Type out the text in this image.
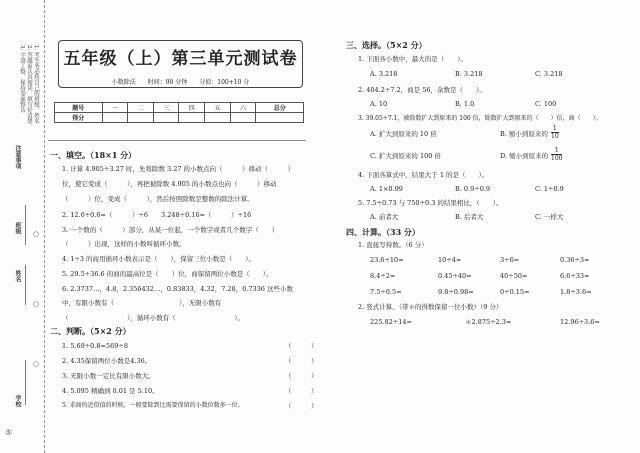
1. 考生务必将自己的班级、姓名
2. 答题前认真阅读、填写好清楚
3. 字迹工整，保持卷面整洁
注意事项
班级 ○
姓名
○
学校
○
⑤
五年级（上）第三单元测试卷
小数除法　　时间：90 分钟　　分值：100+10 分
题号	一	二	三	四	五	六	总分
得分							
一、填空。（18×1 分）
1. 计算 4.905÷3.27 时，先将除数 3.27 的小数点向（　　　）移动（　　　）
位，使它变成（　　　），再把被除数 4.905 的小数点也向（　　　）移动
（　　　）位，变成（　　　），然后按照除数是整数的除法计算。
2. 12.6÷0.6=（　　　）÷6　　3.248÷0.16=（　　　）÷16
3. 一个数的（　　　）部分，从某一位起，一个数字或者几个数字（　　）
（　　　）出现，这样的小数叫循环小数。
4. 1÷3 的商用循环小数表示是（　　），保留三位小数是（　　）。
5. 29.5÷36.6 的商的最高位是（　　）位，商保留两位小数是（　　）。
6. 2.3737…，4.8，2.356432…，0.83833，4.32，7.28，0.7336 这些小数
中，有限小数有（　　　　　　　　　　），无限小数有
（　　　　　　　　　），循环小数有（　　　　　　　　　）。
二、判断。（5×2 分）
1. 5.69÷0.8=569÷8	（　　　）
2. 4.35保留两位小数是4.36。	（　　　）
3. 无限小数一定比有限小数大。	（　　　）
4. 5.095 精确到 0.01 是 5.10。	（　　　）
5. 求商的近似值的时候，一般要除到比需要保留的小数位数多一位。	（　　　）
三、选择。（5×2 分）
1. 下面各小数中，最大的是（　　）。
A. 3.218	B. 3.218	C. 3.218
2. 404.2÷7.2，商是 56，余数是（　　）。
A. 10	B. 1.0	C. 100
3. 39.05÷7.1，被除数扩大到原来的 100 倍，除数扩大到原来的（　　）倍，商（　　）。
A. 扩大到原来的 10 倍	B. 缩小到原来的 $\frac{1}{10}$
C. 扩大到原来的 100 倍	D. 缩小到原来的 $\frac{1}{100}$
4. 下面各算式中，结果大于 1 的是（　　）。
A. 1×0.99	B. 0.9÷0.9	C. 1÷0.9
5. 7.5÷0.73 与 750÷0.3 的结果相比，（　　）。
A. 前者大	B. 后者大	C. 一样大
四、计算。（33 分）
1. 直接写得数。（6 分）
23.6÷10=	10÷4=	3÷6=	0.36÷3=
8.4÷2=	0.45÷40=	40÷50=	6.6÷33=
7.5÷0.5=	9.8÷0.98=	0÷0.15=	1.8÷3.6=
2. 竖式计算。（带＊的得数保留一位小数）（9 分）
225.82÷14=	＊2.875÷2.3≈	12.96÷3.6=
